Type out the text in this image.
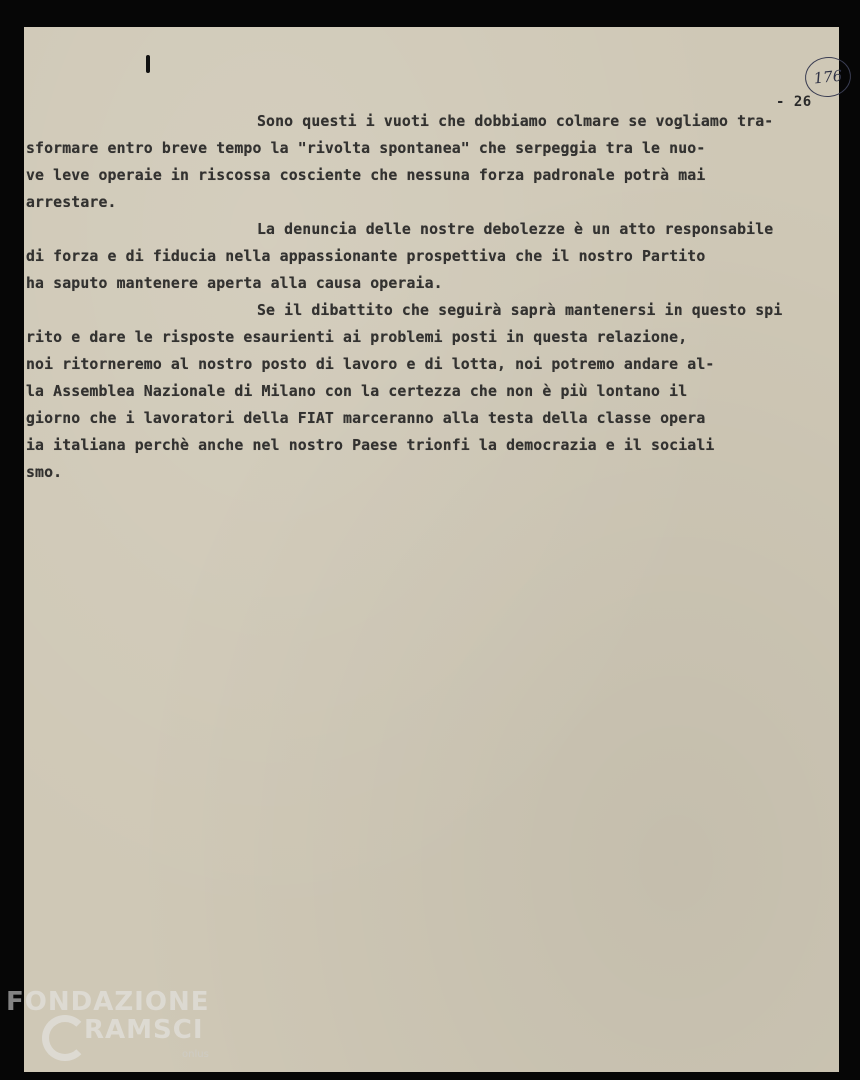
176
- 26
Sono questi i vuoti che dobbiamo colmare se vogliamo tra-
sformare entro breve tempo la "rivolta spontanea" che serpeggia tra le nuo-
ve leve operaie in riscossa cosciente che nessuna forza padronale potrà mai
arrestare.
La denuncia delle nostre debolezze è un atto responsabile
di forza e di fiducia nella appassionante prospettiva che il nostro Partito
ha saputo mantenere aperta alla causa operaia.
Se il dibattito che seguirà saprà mantenersi in questo spi
rito e dare le risposte esaurienti ai problemi posti in questa relazione,
noi ritorneremo al nostro posto di lavoro e di lotta, noi potremo andare al-
la Assemblea Nazionale di Milano con la certezza che non è più lontano il
giorno che i lavoratori della FIAT marceranno alla testa della classe opera
ia italiana perchè anche nel nostro Paese trionfi la democrazia e il sociali
smo.
FONDAZIONE
RAMSCI
onlus
